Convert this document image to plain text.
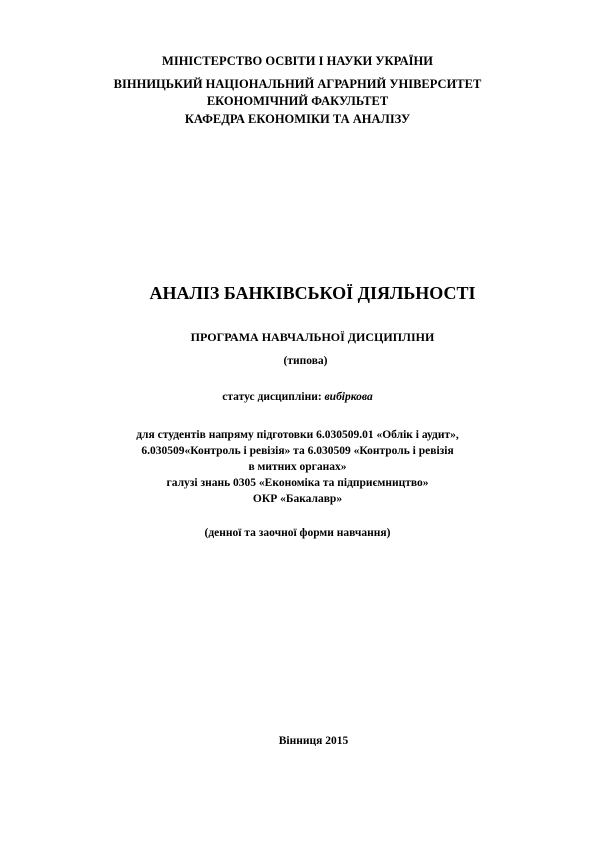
МІНІСТЕРСТВО ОСВІТИ І НАУКИ УКРАЇНИ
ВІННИЦЬКИЙ НАЦІОНАЛЬНИЙ АГРАРНИЙ УНІВЕРСИТЕТ
ЕКОНОМІЧНИЙ ФАКУЛЬТЕТ
КАФЕДРА ЕКОНОМІКИ ТА АНАЛІЗУ
АНАЛІЗ БАНКІВСЬКОЇ ДІЯЛЬНОСТІ
ПРОГРАМА НАВЧАЛЬНОЇ ДИСЦИПЛІНИ
(типова)
статус дисципліни: вибіркова
для студентів напряму підготовки 6.030509.01 «Облік і аудит»,
6.030509«Контроль і ревізія» та 6.030509 «Контроль і ревізія
в митних органах»
галузі знань 0305 «Економіка та підприємництво»
ОКР «Бакалавр»
(денної та заочної форми навчання)
Вінниця 2015
